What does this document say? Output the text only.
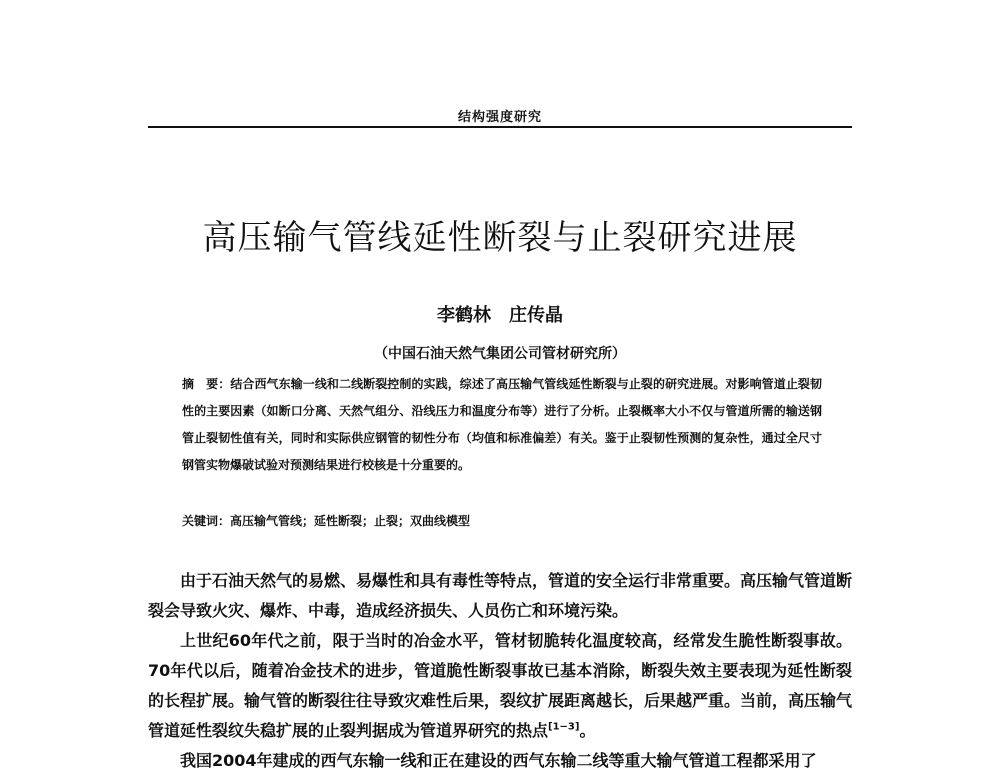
结构强度研究
高压输气管线延性断裂与止裂研究进展
李鹤林　庄传晶
（中国石油天然气集团公司管材研究所）

摘　要：结合西气东输一线和二线断裂控制的实践，综述了高压输气管线延性断裂与止裂的研究进展。对影响管道止裂韧性的主要因素（如断口分离、天然气组分、沿线压力和温度分布等）进行了分析。止裂概率大小不仅与管道所需的输送钢管止裂韧性值有关，同时和实际供应钢管的韧性分布（均值和标准偏差）有关。鉴于止裂韧性预测的复杂性，通过全尺寸钢管实物爆破试验对预测结果进行校核是十分重要的。

关键词：高压输气管线；延性断裂；止裂；双曲线模型

由于石油天然气的易燃、易爆性和具有毒性等特点，管道的安全运行非常重要。高压输气管道断裂会导致火灾、爆炸、中毒，造成经济损失、人员伤亡和环境污染。

上世纪60年代之前，限于当时的冶金水平，管材韧脆转化温度较高，经常发生脆性断裂事故。70年代以后，随着冶金技术的进步，管道脆性断裂事故已基本消除，断裂失效主要表现为延性断裂的长程扩展。输气管的断裂往往导致灾难性后果，裂纹扩展距离越长，后果越严重。当前，高压输气管道延性裂纹失稳扩展的止裂判据成为管道界研究的热点[1−3]。

我国2004年建成的西气东输一线和正在建设的西气东输二线等重大输气管道工程都采用了
